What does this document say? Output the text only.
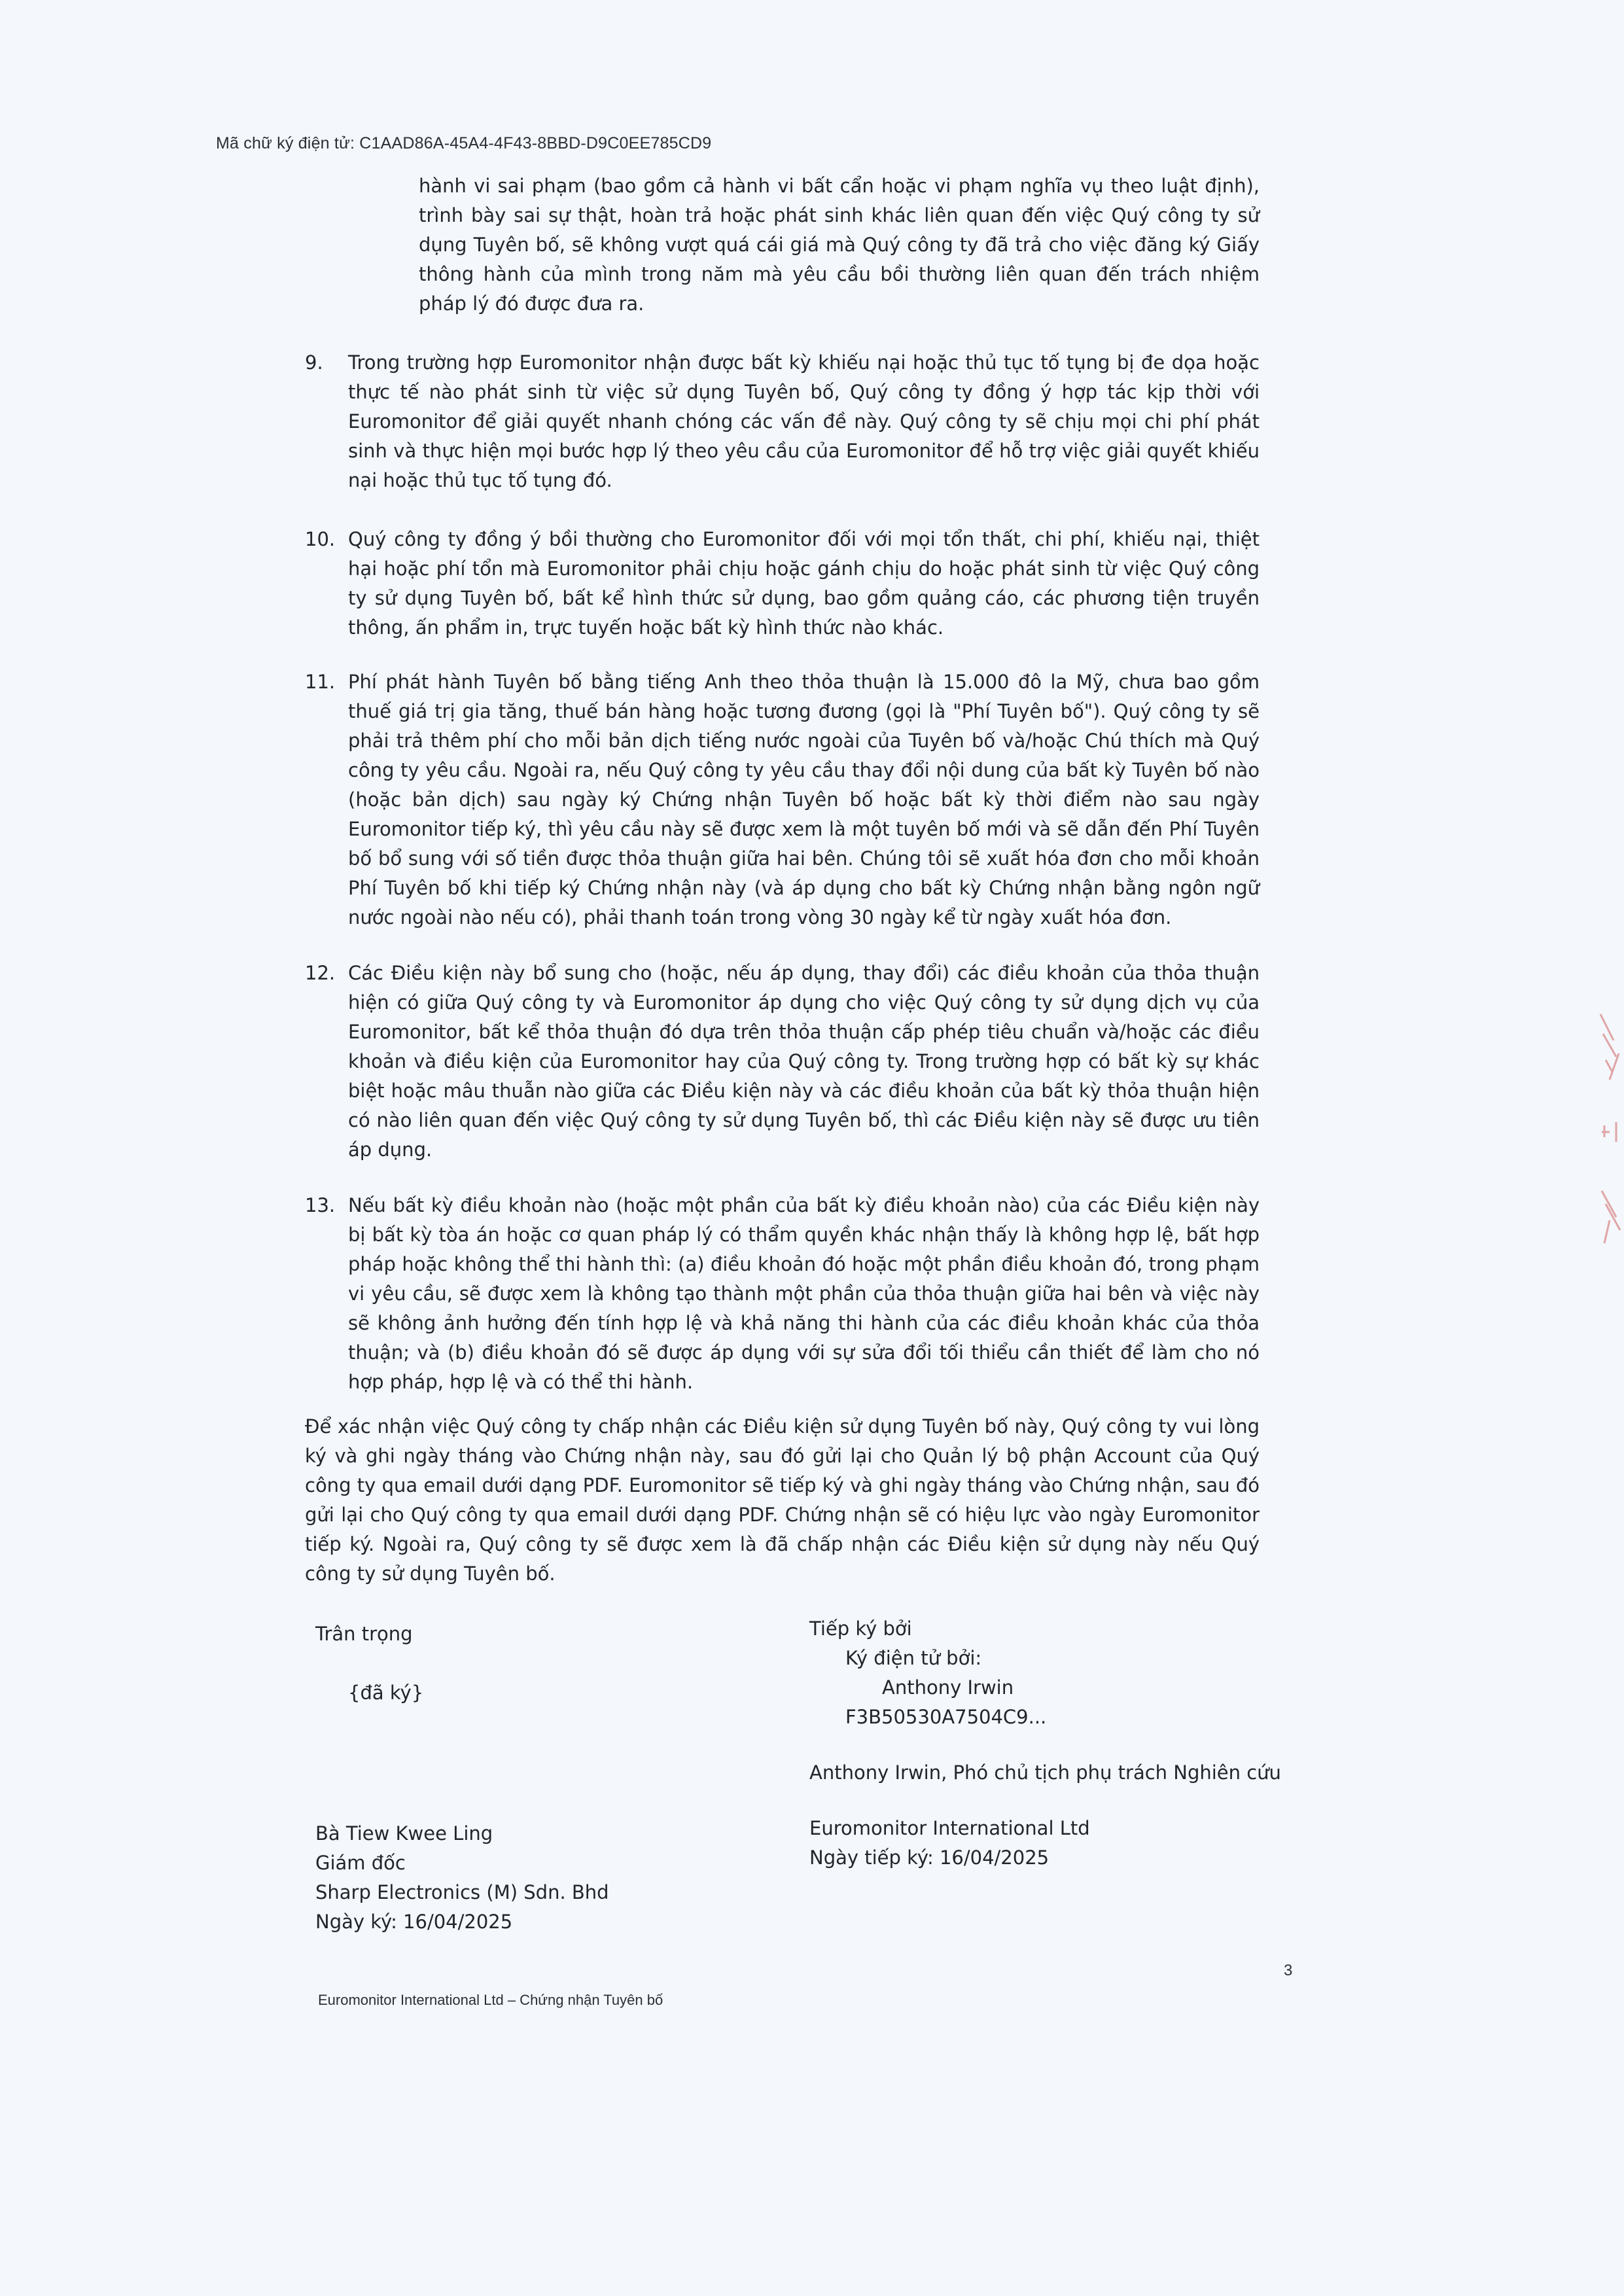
Mã chữ ký điện tử: C1AAD86A-45A4-4F43-8BBD-D9C0EE785CD9
hành vi sai phạm (bao gồm cả hành vi bất cẩn hoặc vi phạm nghĩa vụ theo luật định), trình bày sai sự thật, hoàn trả hoặc phát sinh khác liên quan đến việc Quý công ty sử dụng Tuyên bố, sẽ không vượt quá cái giá mà Quý công ty đã trả cho việc đăng ký Giấy thông hành của mình trong năm mà yêu cầu bồi thường liên quan đến trách nhiệm pháp lý đó được đưa ra.
9. Trong trường hợp Euromonitor nhận được bất kỳ khiếu nại hoặc thủ tục tố tụng bị đe dọa hoặc thực tế nào phát sinh từ việc sử dụng Tuyên bố, Quý công ty đồng ý hợp tác kịp thời với Euromonitor để giải quyết nhanh chóng các vấn đề này. Quý công ty sẽ chịu mọi chi phí phát sinh và thực hiện mọi bước hợp lý theo yêu cầu của Euromonitor để hỗ trợ việc giải quyết khiếu nại hoặc thủ tục tố tụng đó.
10. Quý công ty đồng ý bồi thường cho Euromonitor đối với mọi tổn thất, chi phí, khiếu nại, thiệt hại hoặc phí tổn mà Euromonitor phải chịu hoặc gánh chịu do hoặc phát sinh từ việc Quý công ty sử dụng Tuyên bố, bất kể hình thức sử dụng, bao gồm quảng cáo, các phương tiện truyền thông, ấn phẩm in, trực tuyến hoặc bất kỳ hình thức nào khác.
11. Phí phát hành Tuyên bố bằng tiếng Anh theo thỏa thuận là 15.000 đô la Mỹ, chưa bao gồm thuế giá trị gia tăng, thuế bán hàng hoặc tương đương (gọi là "Phí Tuyên bố"). Quý công ty sẽ phải trả thêm phí cho mỗi bản dịch tiếng nước ngoài của Tuyên bố và/hoặc Chú thích mà Quý công ty yêu cầu. Ngoài ra, nếu Quý công ty yêu cầu thay đổi nội dung của bất kỳ Tuyên bố nào (hoặc bản dịch) sau ngày ký Chứng nhận Tuyên bố hoặc bất kỳ thời điểm nào sau ngày Euromonitor tiếp ký, thì yêu cầu này sẽ được xem là một tuyên bố mới và sẽ dẫn đến Phí Tuyên bố bổ sung với số tiền được thỏa thuận giữa hai bên. Chúng tôi sẽ xuất hóa đơn cho mỗi khoản Phí Tuyên bố khi tiếp ký Chứng nhận này (và áp dụng cho bất kỳ Chứng nhận bằng ngôn ngữ nước ngoài nào nếu có), phải thanh toán trong vòng 30 ngày kể từ ngày xuất hóa đơn.
12. Các Điều kiện này bổ sung cho (hoặc, nếu áp dụng, thay đổi) các điều khoản của thỏa thuận hiện có giữa Quý công ty và Euromonitor áp dụng cho việc Quý công ty sử dụng dịch vụ của Euromonitor, bất kể thỏa thuận đó dựa trên thỏa thuận cấp phép tiêu chuẩn và/hoặc các điều khoản và điều kiện của Euromonitor hay của Quý công ty. Trong trường hợp có bất kỳ sự khác biệt hoặc mâu thuẫn nào giữa các Điều kiện này và các điều khoản của bất kỳ thỏa thuận hiện có nào liên quan đến việc Quý công ty sử dụng Tuyên bố, thì các Điều kiện này sẽ được ưu tiên áp dụng.
13. Nếu bất kỳ điều khoản nào (hoặc một phần của bất kỳ điều khoản nào) của các Điều kiện này bị bất kỳ tòa án hoặc cơ quan pháp lý có thẩm quyền khác nhận thấy là không hợp lệ, bất hợp pháp hoặc không thể thi hành thì: (a) điều khoản đó hoặc một phần điều khoản đó, trong phạm vi yêu cầu, sẽ được xem là không tạo thành một phần của thỏa thuận giữa hai bên và việc này sẽ không ảnh hưởng đến tính hợp lệ và khả năng thi hành của các điều khoản khác của thỏa thuận; và (b) điều khoản đó sẽ được áp dụng với sự sửa đổi tối thiểu cần thiết để làm cho nó hợp pháp, hợp lệ và có thể thi hành.
Để xác nhận việc Quý công ty chấp nhận các Điều kiện sử dụng Tuyên bố này, Quý công ty vui lòng ký và ghi ngày tháng vào Chứng nhận này, sau đó gửi lại cho Quản lý bộ phận Account của Quý công ty qua email dưới dạng PDF. Euromonitor sẽ tiếp ký và ghi ngày tháng vào Chứng nhận, sau đó gửi lại cho Quý công ty qua email dưới dạng PDF. Chứng nhận sẽ có hiệu lực vào ngày Euromonitor tiếp ký. Ngoài ra, Quý công ty sẽ được xem là đã chấp nhận các Điều kiện sử dụng này nếu Quý công ty sử dụng Tuyên bố.
Trân trọng
{đã ký}
Bà Tiew Kwee Ling
Giám đốc
Sharp Electronics (M) Sdn. Bhd
Ngày ký: 16/04/2025
Tiếp ký bởi
Ký điện tử bởi:
Anthony Irwin
F3B50530A7504C9...
Anthony Irwin, Phó chủ tịch phụ trách Nghiên cứu
Euromonitor International Ltd
Ngày tiếp ký: 16/04/2025
3
Euromonitor International Ltd – Chứng nhận Tuyên bố
